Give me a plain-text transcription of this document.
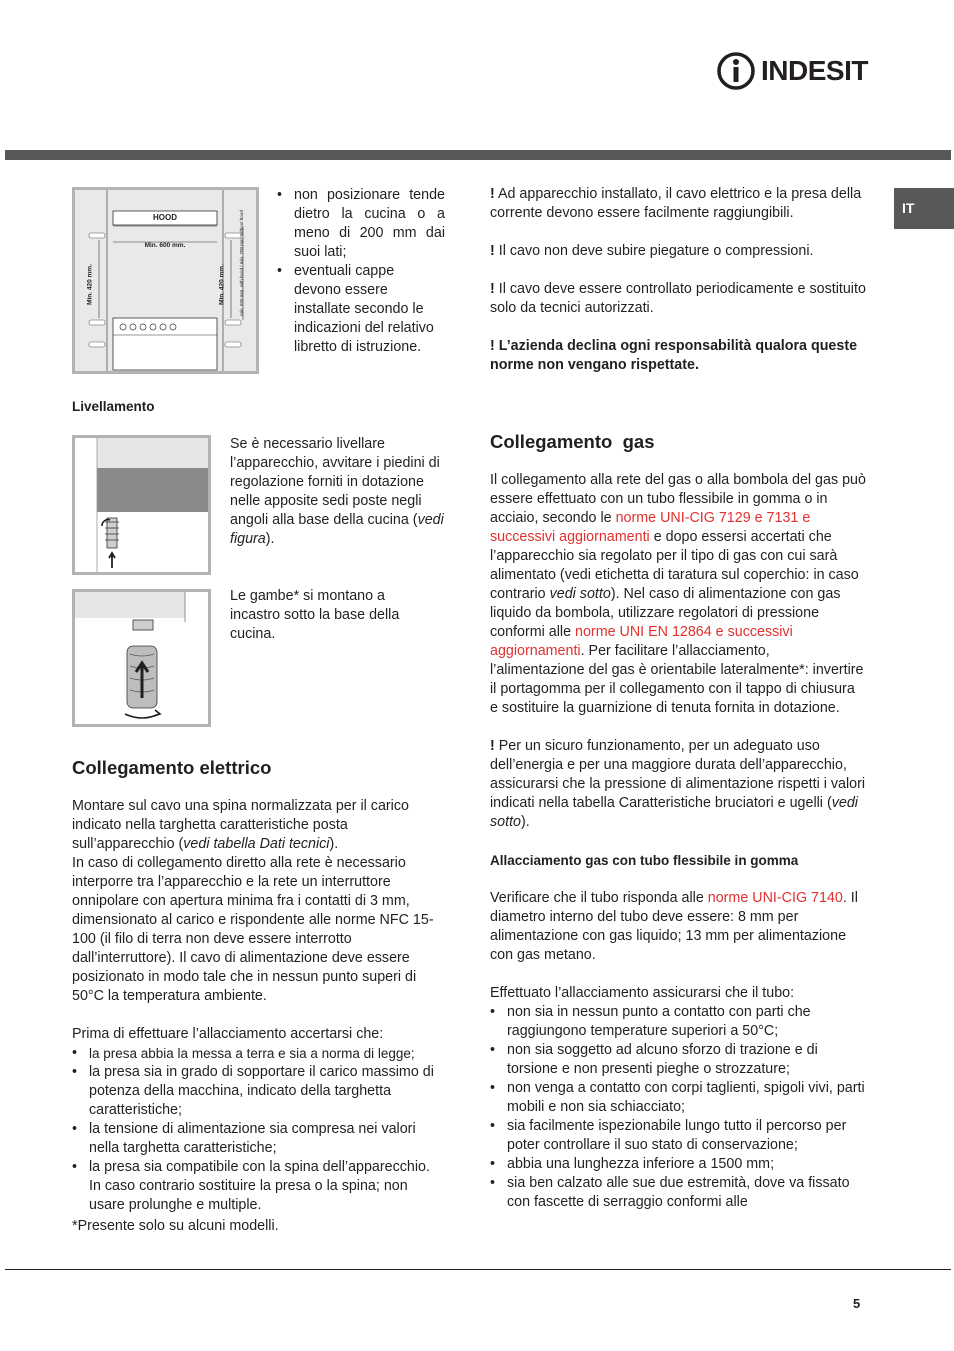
INDESIT
IT
HOOD
Min. 600 mm.
Min. 420 mm.	Min. 420 mm.	min. 650 mm. with hood / min. 700 mm. without hood
• non posizionare tende dietro la cucina o a meno di 200 mm dai suoi lati;
• eventuali cappe devono essere installate secondo le indicazioni del relativo libretto di istruzione.
Livellamento

Se è necessario livellare l’apparecchio, avvitare i piedini di regolazione forniti in dotazione nelle apposite sedi poste negli angoli alla base della cucina (vedi figura).

Le gambe* si montano a incastro sotto la base della cucina.

Collegamento elettrico

Montare sul cavo una spina normalizzata per il carico indicato nella targhetta caratteristiche posta sull’apparecchio (vedi tabella Dati tecnici).

In caso di collegamento diretto alla rete è necessario interporre tra l’apparecchio e la rete un interruttore onnipolare con apertura minima fra i contatti di 3 mm, dimensionato al carico e rispondente alle norme NFC 15-100 (il filo di terra non deve essere interrotto dall’interruttore). Il cavo di alimentazione deve essere posizionato in modo tale che in nessun punto superi di 50°C la temperatura ambiente.

Prima di effettuare l’allacciamento accertarsi che:

• la presa abbia la messa a terra e sia a norma di legge;
• la presa sia in grado di sopportare il carico massimo di potenza della macchina, indicato della targhetta caratteristiche;
• la tensione di alimentazione sia compresa nei valori nella targhetta caratteristiche;
• la presa sia compatibile con la spina dell’apparecchio. In caso contrario sostituire la presa o la spina; non usare prolunghe e multiple.

*Presente solo su alcuni modelli.

! Ad apparecchio installato, il cavo elettrico e la presa della corrente devono essere facilmente raggiungibili.

! Il cavo non deve subire piegature o compressioni.

! Il cavo deve essere controllato periodicamente e sostituito solo da tecnici autorizzati.

! L’azienda declina ogni responsabilità qualora queste norme non vengano rispettate.

Collegamento  gas

Il collegamento alla rete del gas o alla bombola del gas può essere effettuato con un tubo flessibile in gomma o in acciaio, secondo le norme UNI-CIG 7129 e 7131 e successivi aggiornamenti e dopo essersi accertati che l’apparecchio sia regolato per il tipo di gas con cui sarà alimentato (vedi etichetta di taratura sul coperchio: in caso contrario vedi sotto). Nel caso di alimentazione con gas liquido da bombola, utilizzare regolatori di pressione conformi alle norme UNI EN 12864 e successivi aggiornamenti. Per facilitare l’allacciamento, l’alimentazione del gas è orientabile lateralmente*: invertire il portagomma per il collegamento con il tappo di chiusura e sostituire la guarnizione di tenuta fornita in dotazione.

! Per un sicuro funzionamento, per un adeguato uso dell’energia e per una maggiore durata dell’apparecchio, assicurarsi che la pressione di alimentazione rispetti i valori indicati nella tabella Caratteristiche bruciatori e ugelli (vedi sotto).

Allacciamento gas con tubo flessibile in gomma

Verificare che il tubo risponda alle norme UNI-CIG 7140. Il diametro interno del tubo deve essere: 8 mm per alimentazione con gas liquido; 13 mm per alimentazione con gas metano.

Effettuato l’allacciamento assicurarsi che il tubo:

• non sia in nessun punto a contatto con parti che raggiungono temperature superiori a 50°C;
• non sia soggetto ad alcuno sforzo di trazione e di torsione e non presenti pieghe o strozzature;
• non venga a contatto con corpi taglienti, spigoli vivi, parti mobili e non sia schiacciato;
• sia facilmente ispezionabile lungo tutto il percorso per poter controllare il suo stato di conservazione;
• abbia una lunghezza inferiore a 1500 mm;
• sia ben calzato alle sue due estremità, dove va fissato con fascette di serraggio conformi alle
5
